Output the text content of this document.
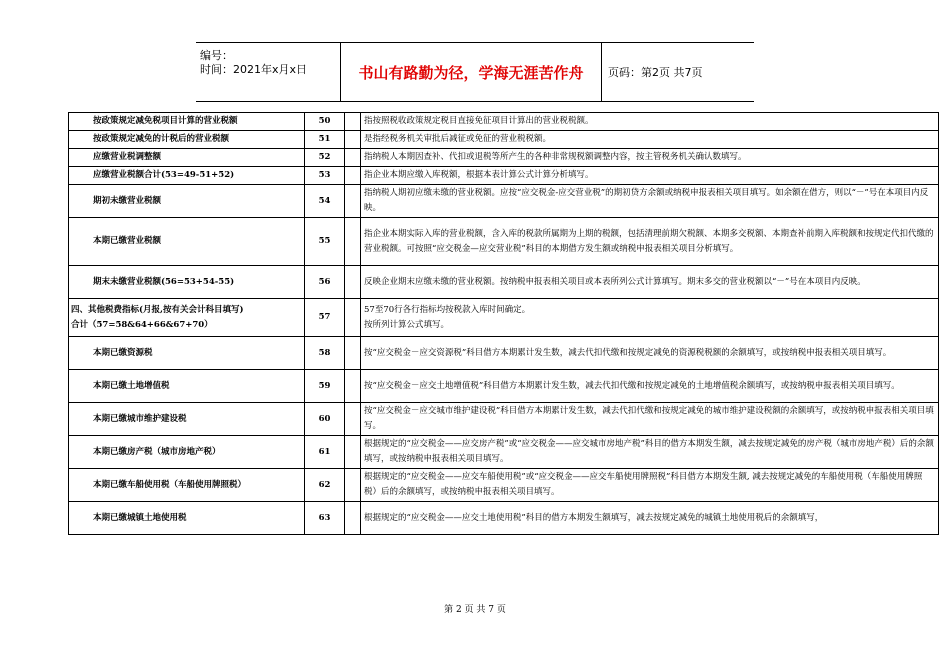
编号：
时间：2021年x月x日	书山有路勤为径，学海无涯苦作舟	页码：第2页 共7页
按政策规定减免税项目计算的营业税额	50		指按照税收政策规定税目直接免征项目计算出的营业税税额。
按政策规定减免的计税后的营业税额	51		是指经税务机关审批后减征或免征的营业税税额。
应缴营业税调整额	52		指纳税人本期因查补、代扣或退税等所产生的各种非常规税额调整内容，按主管税务机关确认数填写。
应缴营业税额合计(53=49-51+52)	53		指企业本期应缴入库税额，根据本表计算公式计算分析填写。
期初未缴营业税额	54		指纳税人期初应缴未缴的营业税额。应按“应交税金-应交营业税”的期初贷方余额或纳税申报表相关项目填写。如余额在借方，则以“－”号在本项目内反映。
本期已缴营业税额	55		指企业本期实际入库的营业税额，含入库的税款所属期为上期的税额，包括清理前期欠税额、本期多交税额、本期查补前期入库税额和按规定代扣代缴的营业税额。可按照“应交税金—应交营业税”科目的本期借方发生额或纳税申报表相关项目分析填写。
期末未缴营业税额(56=53+54-55)	56		反映企业期末应缴未缴的营业税额。按纳税申报表相关项目或本表所列公式计算填写。期末多交的营业税额以“－”号在本项目内反映。
四、其他税费指标(月报,按有关会计科目填写)
合计（57=58&64+66&67+70）	57		57至70行各行指标均按税款入库时间确定。
按所列计算公式填写。
本期已缴资源税	58		按“应交税金－应交资源税”科目借方本期累计发生数，减去代扣代缴和按规定减免的资源税税额的余额填写，或按纳税申报表相关项目填写。
本期已缴土地增值税	59		按“应交税金－应交土地增值税”科目借方本期累计发生数，减去代扣代缴和按规定减免的土地增值税余额填写，或按纳税申报表相关项目填写。
本期已缴城市维护建设税	60		按“应交税金－应交城市维护建设税”科目借方本期累计发生数，减去代扣代缴和按规定减免的城市维护建设税额的余额填写，或按纳税申报表相关项目填写。
本期已缴房产税（城市房地产税）	61		根据规定的“应交税金——应交房产税”或“应交税金——应交城市房地产税”科目的借方本期发生额，减去按规定减免的房产税（城市房地产税）后的余额填写，或按纳税申报表相关项目填写。
本期已缴车船使用税（车船使用牌照税）	62		根据规定的“应交税金——应交车船使用税”或“应交税金——应交车船使用牌照税”科目借方本期发生额, 减去按规定减免的车船使用税（车船使用牌照税）后的余额填写，或按纳税申报表相关项目填写。
本期已缴城镇土地使用税	63		根据规定的“应交税金——应交土地使用税”科目的借方本期发生额填写，减去按规定减免的城镇土地使用税后的余额填写，
第 2 页 共 7 页
